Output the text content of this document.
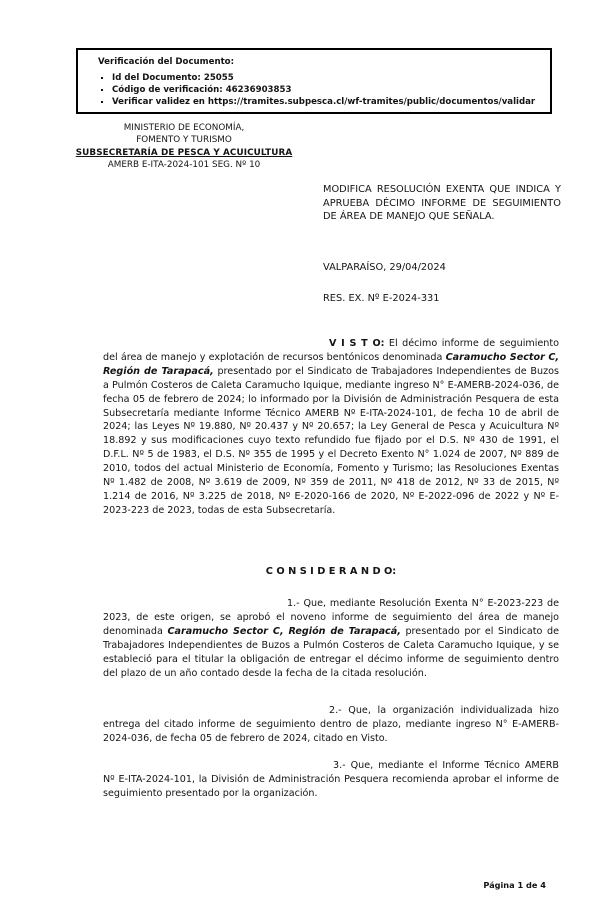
Verificación del Documento:

▪ Id del Documento: 25055
▪ Código de verificación: 46236903853
▪ Verificar validez en https://tramites.subpesca.cl/wf-tramites/public/documentos/validar
MINISTERIO DE ECONOMÍA,
FOMENTO Y TURISMO
SUBSECRETARÍA DE PESCA Y ACUICULTURA
AMERB E-ITA-2024-101 SEG. Nº 10
MODIFICA RESOLUCIÓN EXENTA QUE INDICA Y APRUEBA DÉCIMO INFORME DE SEGUIMIENTO DE ÁREA DE MANEJO QUE SEÑALA.
VALPARAÍSO, 29/04/2024
RES. EX. Nº E-2024-331

V I S T O: El décimo informe de seguimiento del área de manejo y explotación de recursos bentónicos denominada Caramucho Sector C, Región de Tarapacá, presentado por el Sindicato de Trabajadores Independientes de Buzos a Pulmón Costeros de Caleta Caramucho Iquique, mediante ingreso N° E-AMERB-2024-036, de fecha 05 de febrero de 2024; lo informado por la División de Administración Pesquera de esta Subsecretaría mediante Informe Técnico AMERB Nº E-ITA-2024-101, de fecha 10 de abril de 2024; las Leyes Nº 19.880, Nº 20.437 y Nº 20.657; la Ley General de Pesca y Acuicultura Nº 18.892 y sus modificaciones cuyo texto refundido fue fijado por el D.S. Nº 430 de 1991, el D.F.L. Nº 5 de 1983, el D.S. Nº 355 de 1995 y el Decreto Exento N° 1.024 de 2007, Nº 889 de 2010, todos del actual Ministerio de Economía, Fomento y Turismo; las Resoluciones Exentas Nº 1.482 de 2008, Nº 3.619 de 2009, Nº 359 de 2011, Nº 418 de 2012, Nº 33 de 2015, Nº 1.214 de 2016, Nº 3.225 de 2018, Nº E-2020-166 de 2020, Nº E-2022-096 de 2022 y Nº E-2023-223 de 2023, todas de esta Subsecretaría.

C O N S I D E R A N D O:

1.- Que, mediante Resolución Exenta N° E-2023-223 de 2023, de este origen, se aprobó el noveno informe de seguimiento del área de manejo denominada Caramucho Sector C, Región de Tarapacá, presentado por el Sindicato de Trabajadores Independientes de Buzos a Pulmón Costeros de Caleta Caramucho Iquique, y se estableció para el titular la obligación de entregar el décimo informe de seguimiento dentro del plazo de un año contado desde la fecha de la citada resolución.

2.- Que, la organización individualizada hizo entrega del citado informe de seguimiento dentro de plazo, mediante ingreso N° E-AMERB-2024-036, de fecha 05 de febrero de 2024, citado en Visto.

3.- Que, mediante el Informe Técnico AMERB Nº E-ITA-2024-101, la División de Administración Pesquera recomienda aprobar el informe de seguimiento presentado por la organización.

Página 1 de 4
